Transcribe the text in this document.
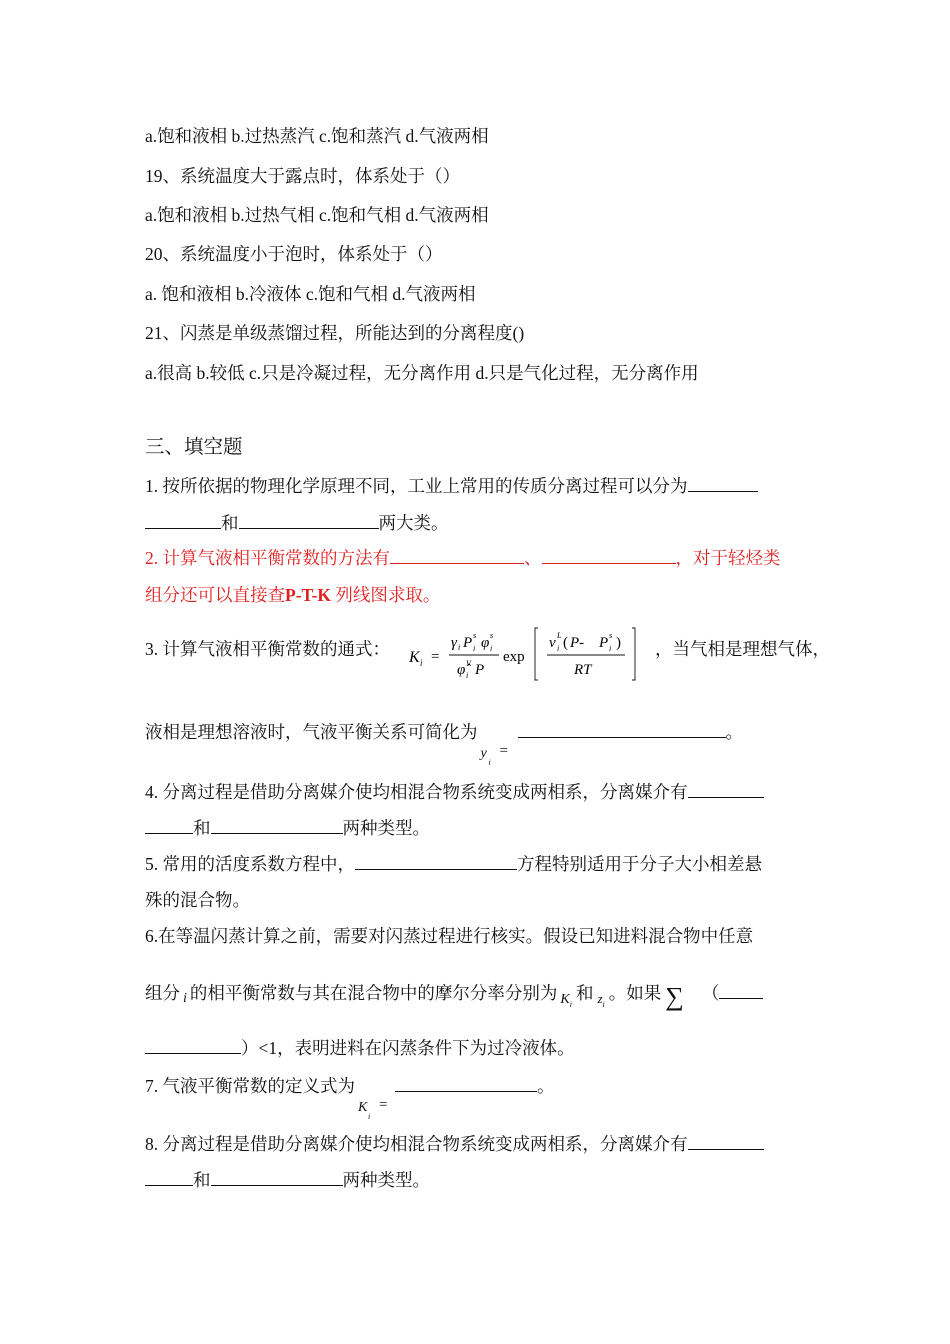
a.饱和液相 b.过热蒸汽 c.饱和蒸汽 d.气液两相
19、系统温度大于露点时，体系处于（）
a.饱和液相 b.过热气相 c.饱和气相 d.气液两相
20、系统温度小于泡时，体系处于（）
a. 饱和液相 b.冷液体 c.饱和气相 d.气液两相
21、闪蒸是单级蒸馏过程，所能达到的分离程度()
a.很高 b.较低 c.只是冷凝过程，无分离作用 d.只是气化过程，无分离作用
三、填空题
1. 按所依据的物理化学原理不同，工业上常用的传质分离过程可以分为
和	两大类。
2. 计算气液相平衡常数的方法有	、	，对于轻烃类
组分还可以直接查P-T-K 列线图求取。
3. 计算气液相平衡常数的通式： K i =
γ i P s
i φ s
i
φ̂ V
i P
exp
ν L
i ( P - P s
i )
RT
，当气相是理想气体，
液相是理想溶液时，气液平衡关系可简化为
y
i
=
。
4. 分离过程是借助分离媒介使均相混合物系统变成两相系，分离媒介有
和	两种类型。
5. 常用的活度系数方程中，	方程特别适用于分子大小相差悬
殊的混合物。
6.在等温闪蒸计算之前，需要对闪蒸过程进行核实。假设已知进料混合物中任意
组分 i 的相平衡常数与其在混合物中的摩尔分率分别为 $_{Ki}$和 $_{zi}$。如果 ∑ （
）<1，表明进料在闪蒸条件下为过冷液体。
7. 气液平衡常数的定义式为
K
i
=
。
8. 分离过程是借助分离媒介使均相混合物系统变成两相系，分离媒介有
和	两种类型。
